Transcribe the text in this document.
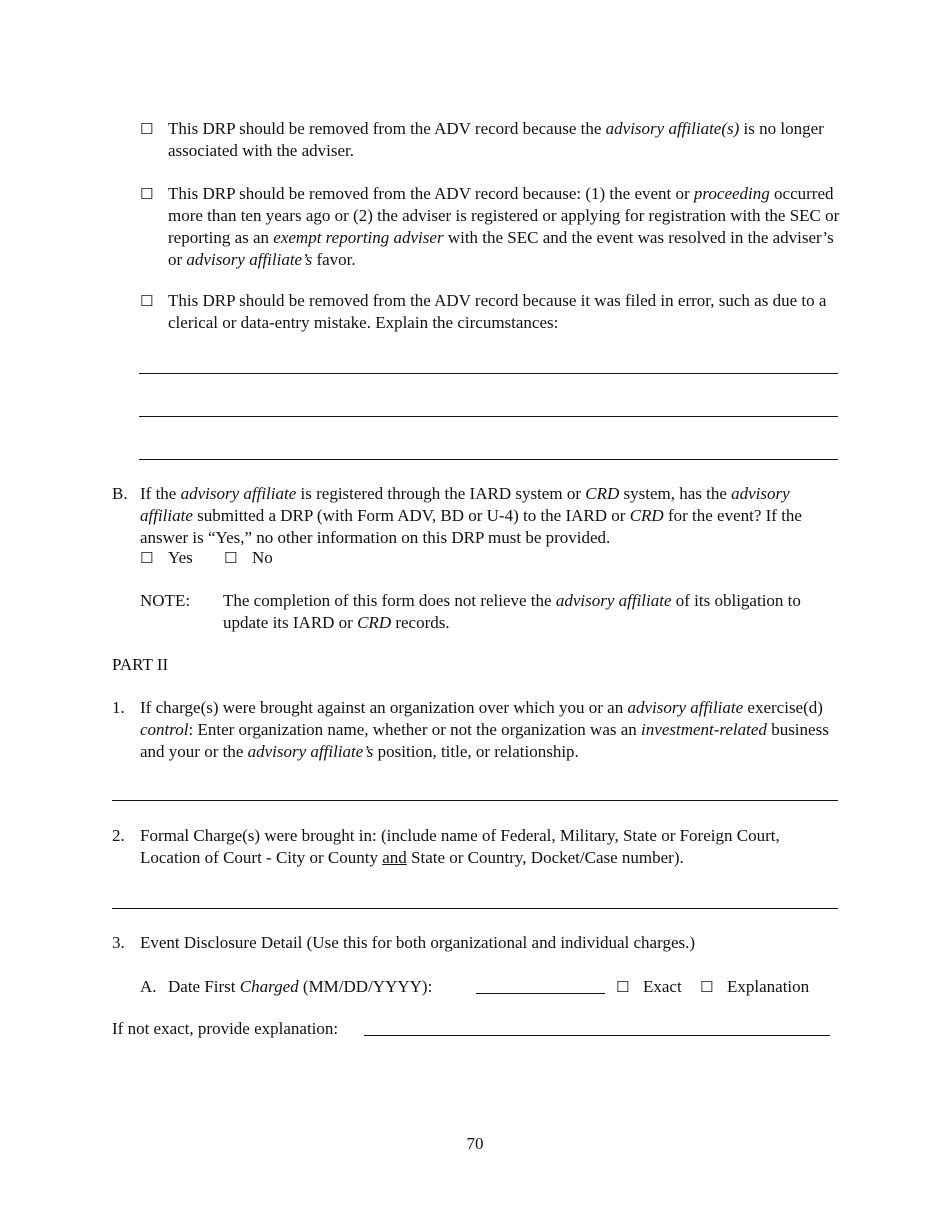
☐ This DRP should be removed from the ADV record because the advisory affiliate(s) is no longer associated with the adviser.
☐ This DRP should be removed from the ADV record because: (1) the event or proceeding occurred more than ten years ago or (2) the adviser is registered or applying for registration with the SEC or reporting as an exempt reporting adviser with the SEC and the event was resolved in the adviser’s or advisory affiliate’s favor.
☐ This DRP should be removed from the ADV record because it was filed in error, such as due to a clerical or data-entry mistake. Explain the circumstances:
B. If the advisory affiliate is registered through the IARD system or CRD system, has the advisory affiliate submitted a DRP (with Form ADV, BD or U-4) to the IARD or CRD for the event? If the answer is “Yes,” no other information on this DRP must be provided.
☐ Yes ☐ No
NOTE: The completion of this form does not relieve the advisory affiliate of its obligation to update its IARD or CRD records.
PART II
1. If charge(s) were brought against an organization over which you or an advisory affiliate exercise(d) control: Enter organization name, whether or not the organization was an investment-related business and your or the advisory affiliate’s position, title, or relationship.
2. Formal Charge(s) were brought in: (include name of Federal, Military, State or Foreign Court, Location of Court - City or County and State or Country, Docket/Case number).
3. Event Disclosure Detail (Use this for both organizational and individual charges.)
A. Date First Charged (MM/DD/YYYY):	☐ Exact ☐ Explanation
If not exact, provide explanation:
70
